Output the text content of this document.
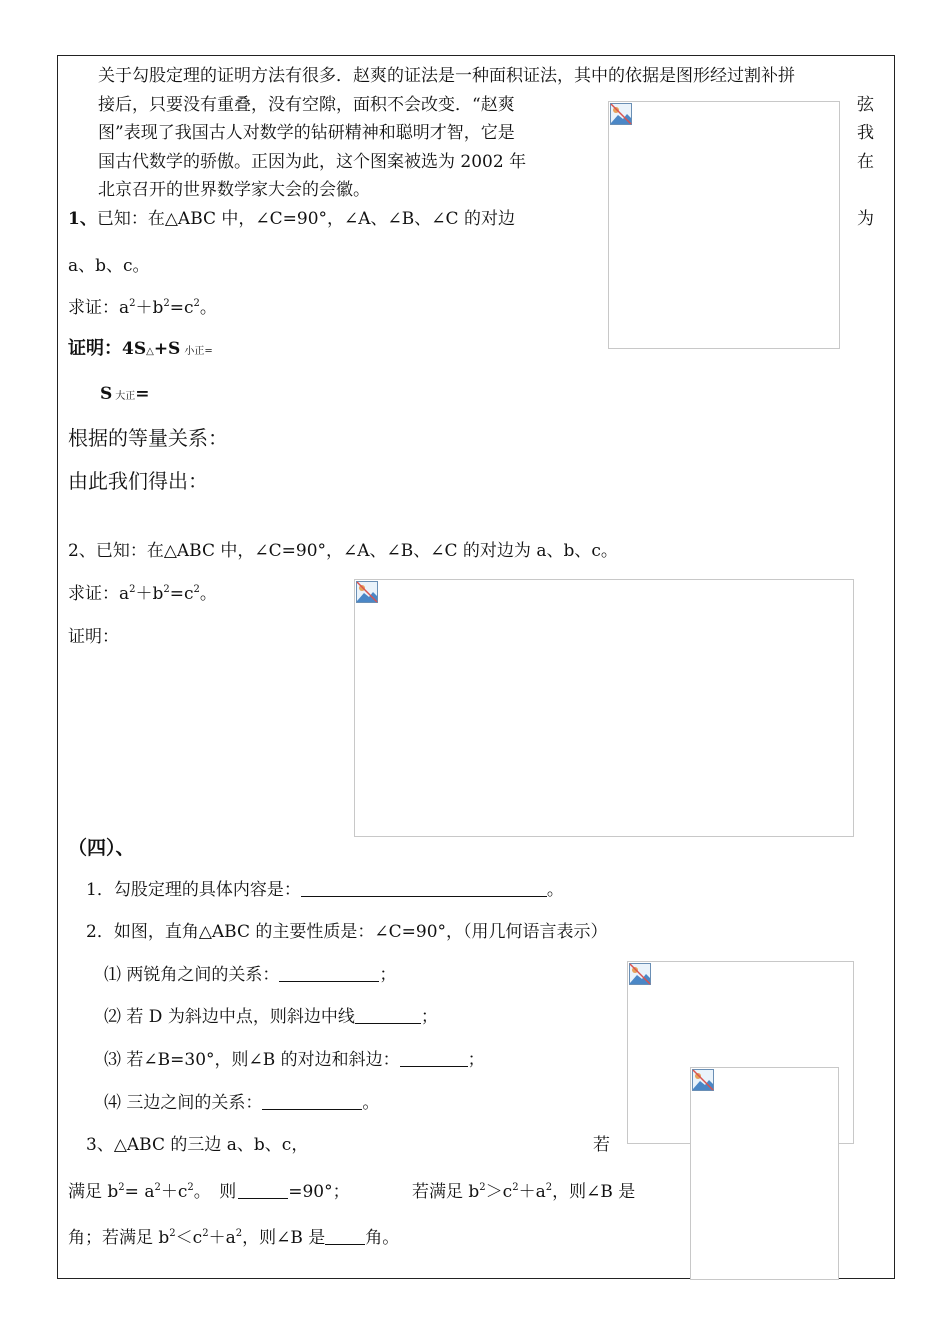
关于勾股定理的证明方法有很多．赵爽的证法是一种面积证法，其中的依据是图形经过割补拼
接后，只要没有重叠，没有空隙，面积不会改变．“赵爽
图”表现了我国古人对数学的钻研精神和聪明才智，它是
国古代数学的骄傲。正因为此，这个图案被选为 2002 年
北京召开的世界数学家大会的会徽。
弦
我
在
为
1、已知：在△ABC 中，∠C=90°，∠A、∠B、∠C 的对边
a、b、c。
求证：$a^2+b^2=c^2$。
证明：4S△+S 小正=
S大正=
根据的等量关系：
由此我们得出：
2、已知：在△ABC 中，∠C=90°，∠A、∠B、∠C 的对边为 a、b、c。
求证：$a^2+b^2=c^2$。
证明：
（四）、
1．勾股定理的具体内容是：	。
2．如图，直角△ABC 的主要性质是：∠C=90°，（用几何语言表示）
⑴ 两锐角之间的关系：	；
⑵ 若 D 为斜边中点，则斜边中线	；
⑶ 若∠B=30°，则∠B 的对边和斜边：	；
⑷ 三边之间的关系：	。
3、△ABC 的三边 a、b、c，	若
满足 $b^2= a^2+c^2$。　则	=90°；	若满足 $b^2>c^2+a^2$，则∠B 是
角；若满足 $b^2<c^2+a^2$，则∠B 是 角。
